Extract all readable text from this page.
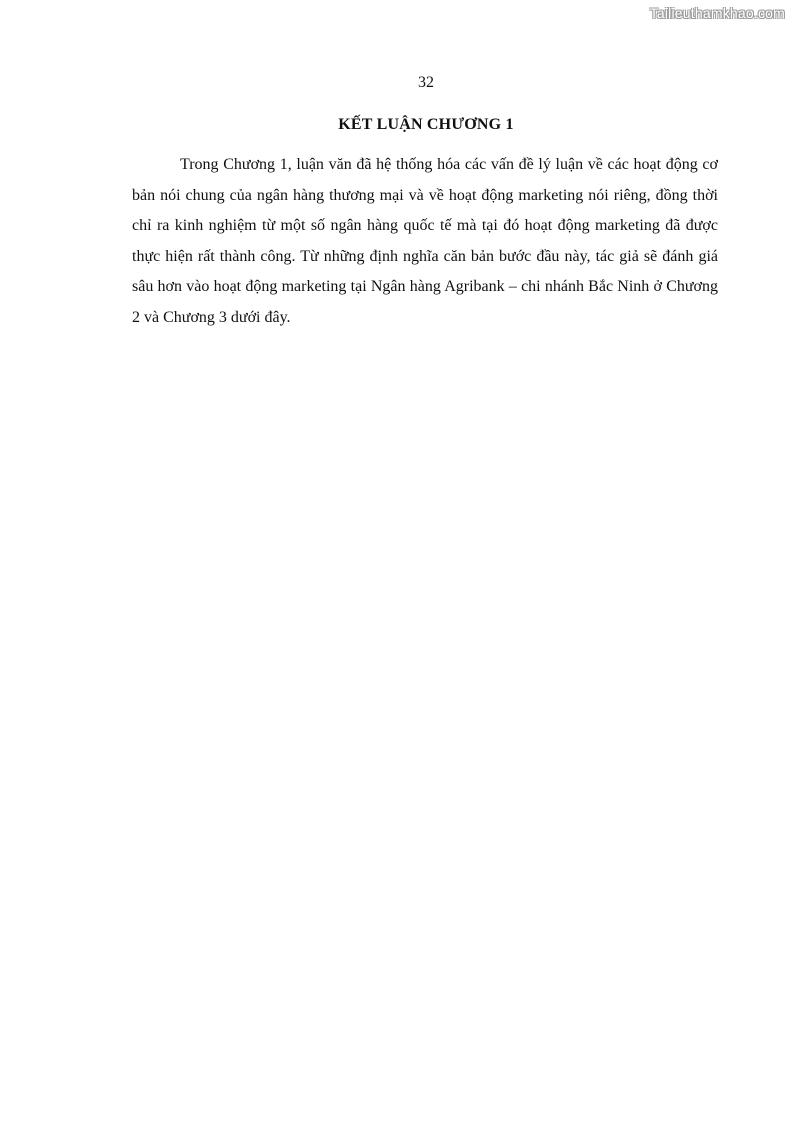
Tailieuthamkhao.com
32
KẾT LUẬN CHƯƠNG 1

Trong Chương 1, luận văn đã hệ thống hóa các vấn đề lý luận về các hoạt động cơ bản nói chung của ngân hàng thương mại và về hoạt động marketing nói riêng, đồng thời chỉ ra kinh nghiệm từ một số ngân hàng quốc tế mà tại đó hoạt động marketing đã được thực hiện rất thành công. Từ những định nghĩa căn bản bước đầu này, tác giả sẽ đánh giá sâu hơn vào hoạt động marketing tại Ngân hàng Agribank – chi nhánh Bắc Ninh ở Chương 2 và Chương 3 dưới đây.
